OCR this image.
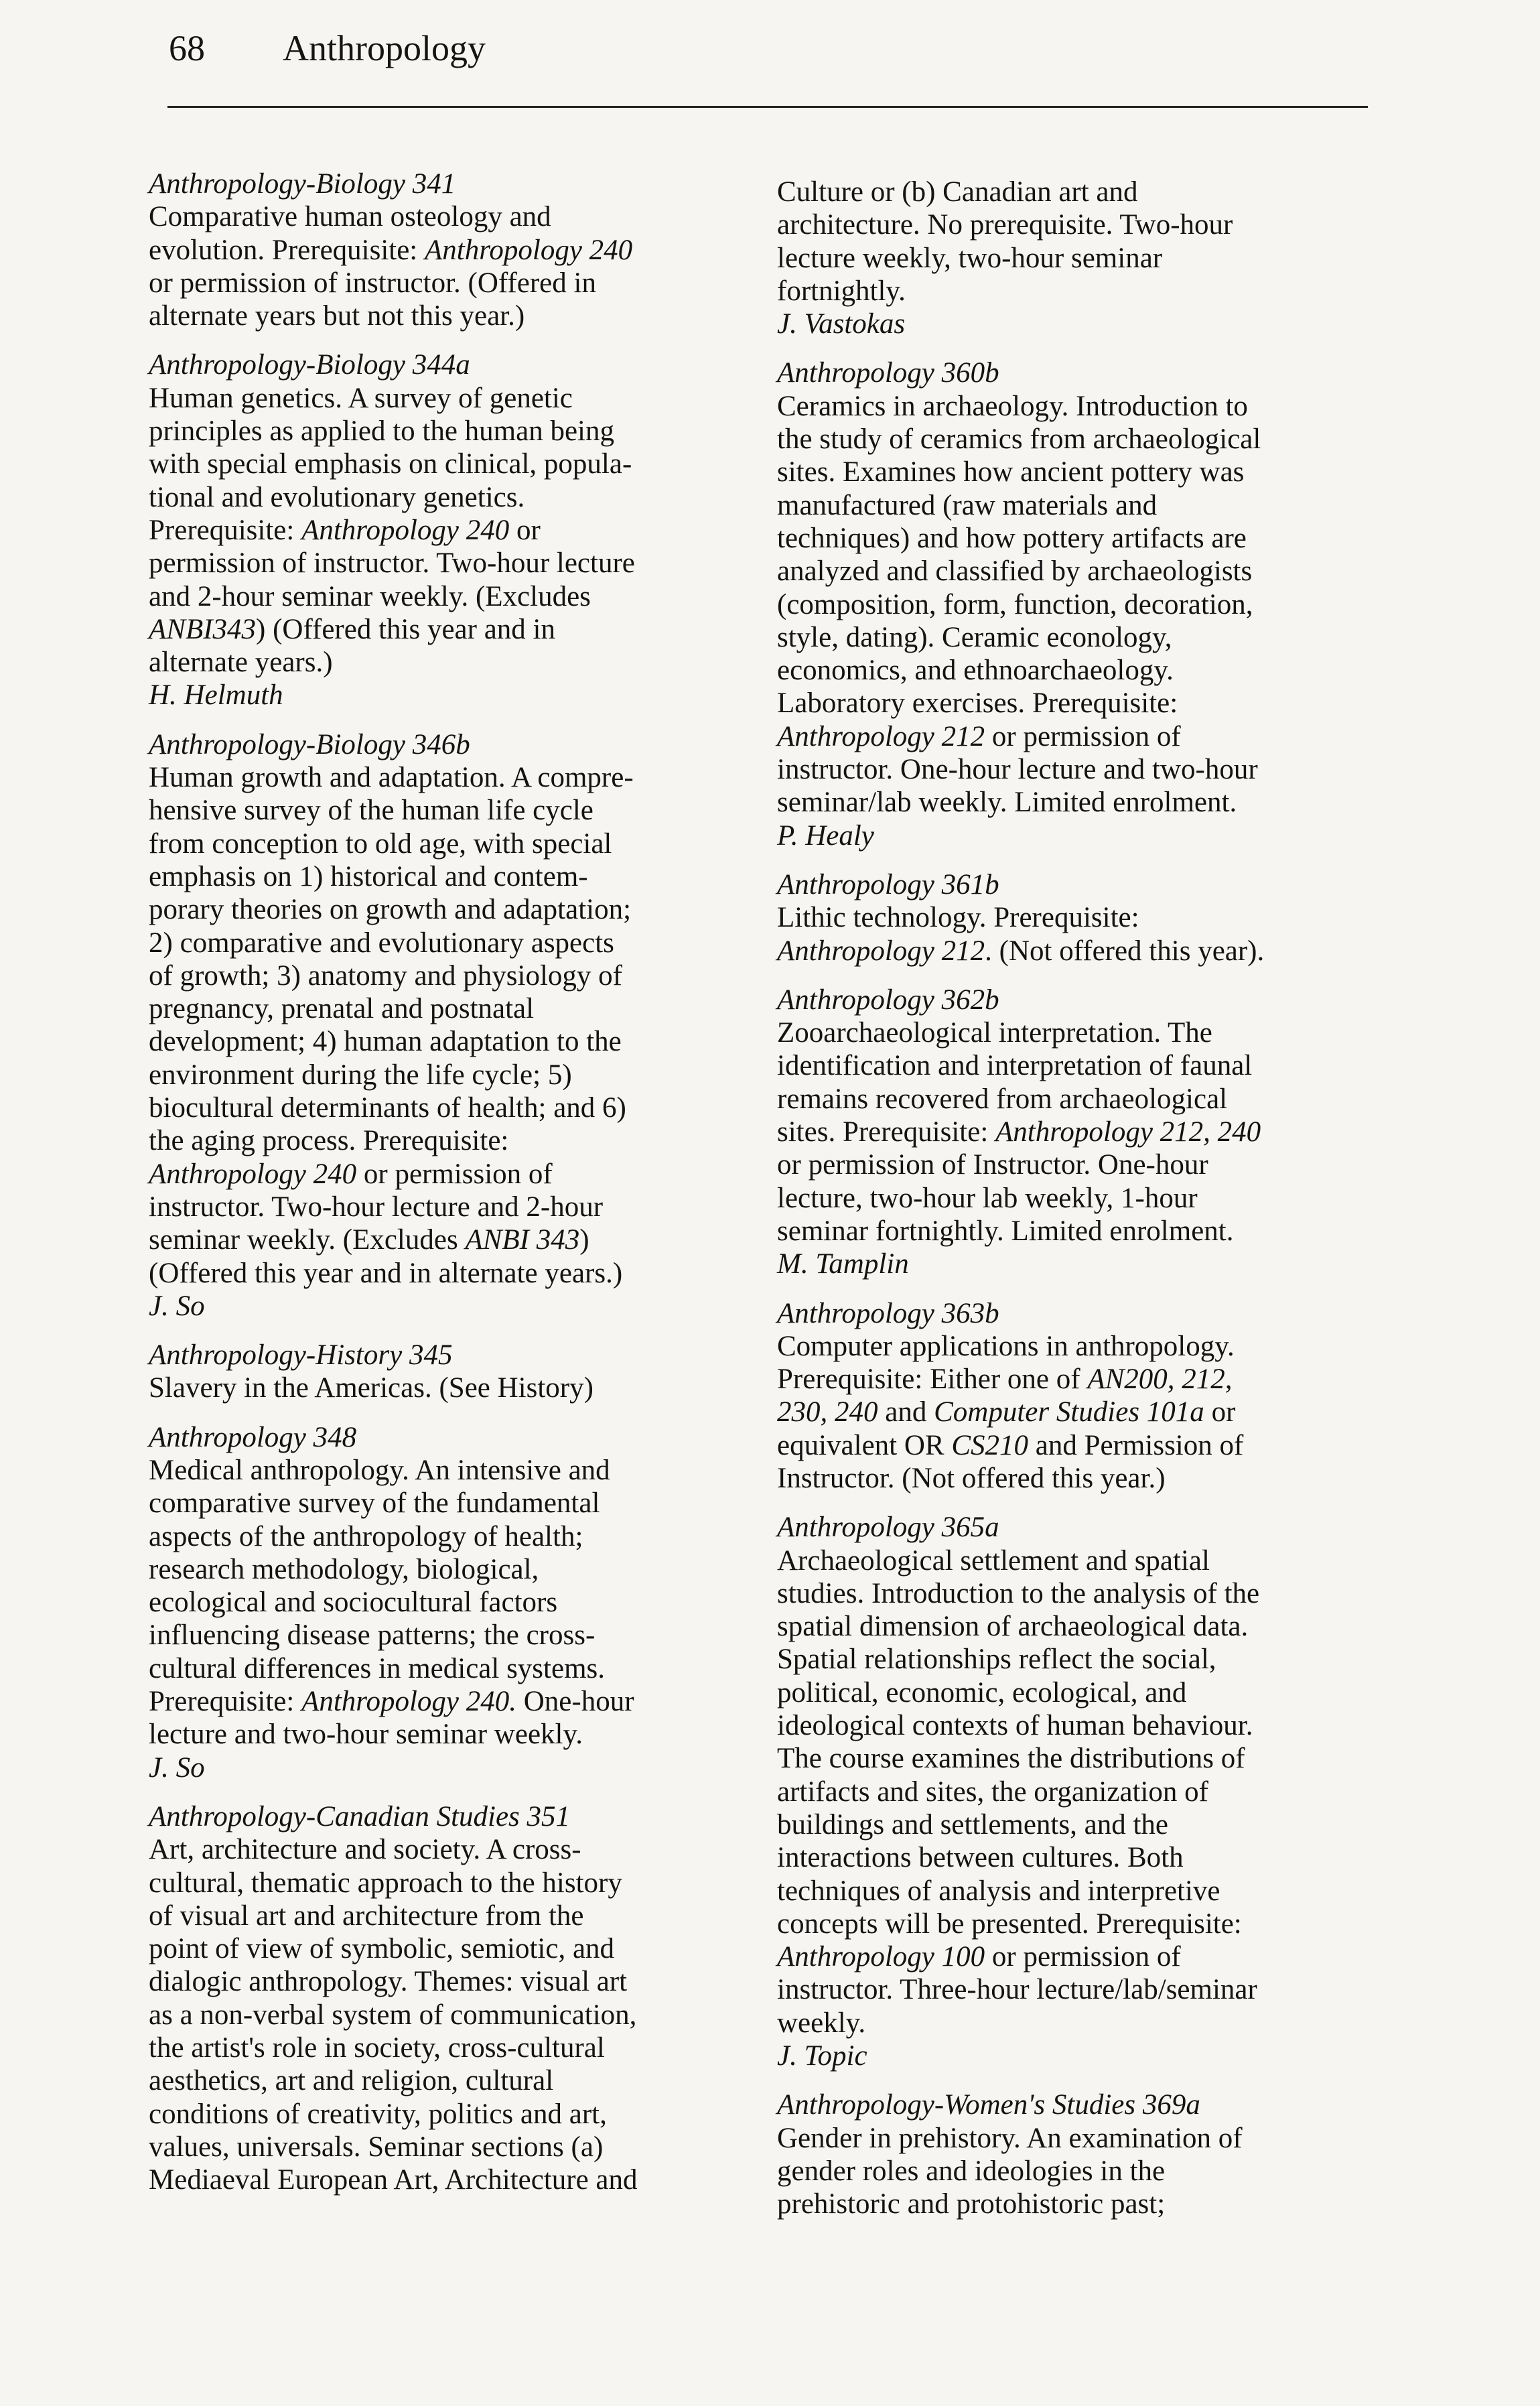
68 Anthropology
Anthropology-Biology 341
Comparative human osteology and
evolution. Prerequisite: Anthropology 240
or permission of instructor. (Offered in
alternate years but not this year.)
Anthropology-Biology 344a
Human genetics. A survey of genetic
principles as applied to the human being
with special emphasis on clinical, popula-
tional and evolutionary genetics.
Prerequisite: Anthropology 240 or
permission of instructor. Two-hour lecture
and 2-hour seminar weekly. (Excludes
ANBI343) (Offered this year and in
alternate years.)
H. Helmuth
Anthropology-Biology 346b
Human growth and adaptation. A compre-
hensive survey of the human life cycle
from conception to old age, with special
emphasis on 1) historical and contem-
porary theories on growth and adaptation;
2) comparative and evolutionary aspects
of growth; 3) anatomy and physiology of
pregnancy, prenatal and postnatal
development; 4) human adaptation to the
environment during the life cycle; 5)
biocultural determinants of health; and 6)
the aging process. Prerequisite:
Anthropology 240 or permission of
instructor. Two-hour lecture and 2-hour
seminar weekly. (Excludes ANBI 343)
(Offered this year and in alternate years.)
J. So
Anthropology-History 345
Slavery in the Americas. (See History)
Anthropology 348
Medical anthropology. An intensive and
comparative survey of the fundamental
aspects of the anthropology of health;
research methodology, biological,
ecological and sociocultural factors
influencing disease patterns; the cross-
cultural differences in medical systems.
Prerequisite: Anthropology 240. One-hour
lecture and two-hour seminar weekly.
J. So
Anthropology-Canadian Studies 351
Art, architecture and society. A cross-
cultural, thematic approach to the history
of visual art and architecture from the
point of view of symbolic, semiotic, and
dialogic anthropology. Themes: visual art
as a non-verbal system of communication,
the artist's role in society, cross-cultural
aesthetics, art and religion, cultural
conditions of creativity, politics and art,
values, universals. Seminar sections (a)
Mediaeval European Art, Architecture and
Culture or (b) Canadian art and
architecture. No prerequisite. Two-hour
lecture weekly, two-hour seminar
fortnightly.
J. Vastokas
Anthropology 360b
Ceramics in archaeology. Introduction to
the study of ceramics from archaeological
sites. Examines how ancient pottery was
manufactured (raw materials and
techniques) and how pottery artifacts are
analyzed and classified by archaeologists
(composition, form, function, decoration,
style, dating). Ceramic econology,
economics, and ethnoarchaeology.
Laboratory exercises. Prerequisite:
Anthropology 212 or permission of
instructor. One-hour lecture and two-hour
seminar/lab weekly. Limited enrolment.
P. Healy
Anthropology 361b
Lithic technology. Prerequisite:
Anthropology 212. (Not offered this year).
Anthropology 362b
Zooarchaeological interpretation. The
identification and interpretation of faunal
remains recovered from archaeological
sites. Prerequisite: Anthropology 212, 240
or permission of Instructor. One-hour
lecture, two-hour lab weekly, 1-hour
seminar fortnightly. Limited enrolment.
M. Tamplin
Anthropology 363b
Computer applications in anthropology.
Prerequisite: Either one of AN200, 212,
230, 240 and Computer Studies 101a or
equivalent OR CS210 and Permission of
Instructor. (Not offered this year.)
Anthropology 365a
Archaeological settlement and spatial
studies. Introduction to the analysis of the
spatial dimension of archaeological data.
Spatial relationships reflect the social,
political, economic, ecological, and
ideological contexts of human behaviour.
The course examines the distributions of
artifacts and sites, the organization of
buildings and settlements, and the
interactions between cultures. Both
techniques of analysis and interpretive
concepts will be presented. Prerequisite:
Anthropology 100 or permission of
instructor. Three-hour lecture/lab/seminar
weekly.
J. Topic
Anthropology-Women's Studies 369a
Gender in prehistory. An examination of
gender roles and ideologies in the
prehistoric and protohistoric past;
